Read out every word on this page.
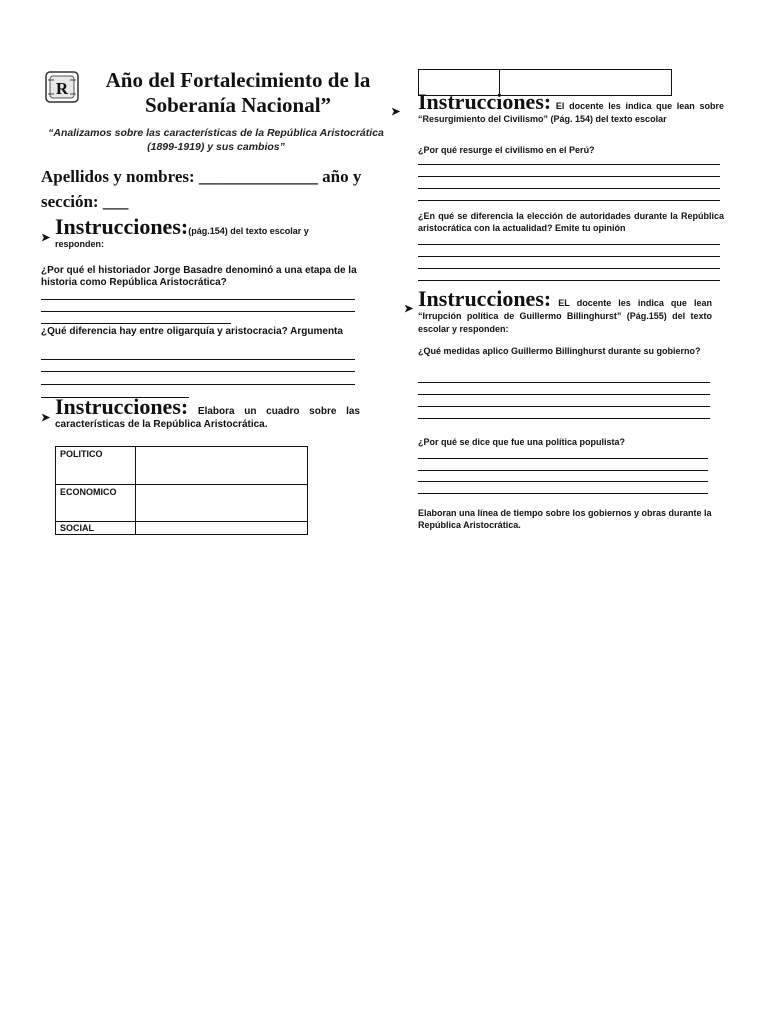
R	Año del Fortalecimiento de la Soberanía Nacional”
“Analizamos sobre las características de la República Aristocrática (1899-1919) y sus cambios”
Apellidos y nombres: ______________ año y sección: ___
➤ Instrucciones:(pág.154) del texto escolar y responden:
¿Por qué el historiador Jorge Basadre denominó a una etapa de la historia como República Aristocrática?
¿Qué diferencia hay entre oligarquía y aristocracia? Argumenta
➤ Instrucciones: Elabora un cuadro sobre las características de la República Aristocrática.
POLITICO	
ECONOMICO	
SOCIAL	
➤ Instrucciones: El docente les indica que lean sobre “Resurgimiento del Civilismo” (Pág. 154) del texto escolar
¿Por qué resurge el civilismo en el Perú?
¿En qué se diferencia la elección de autoridades durante la República aristocrática con la actualidad? Emite tu opinión
➤ Instrucciones: EL docente les indica que lean “Irrupción política de Guillermo Billinghurst” (Pág.155) del texto escolar y responden:
¿Qué medidas aplico Guillermo Billinghurst durante su gobierno?
¿Por qué se dice que fue una política populista?
Elaboran una línea de tiempo sobre los gobiernos y obras durante la República Aristocrática.
